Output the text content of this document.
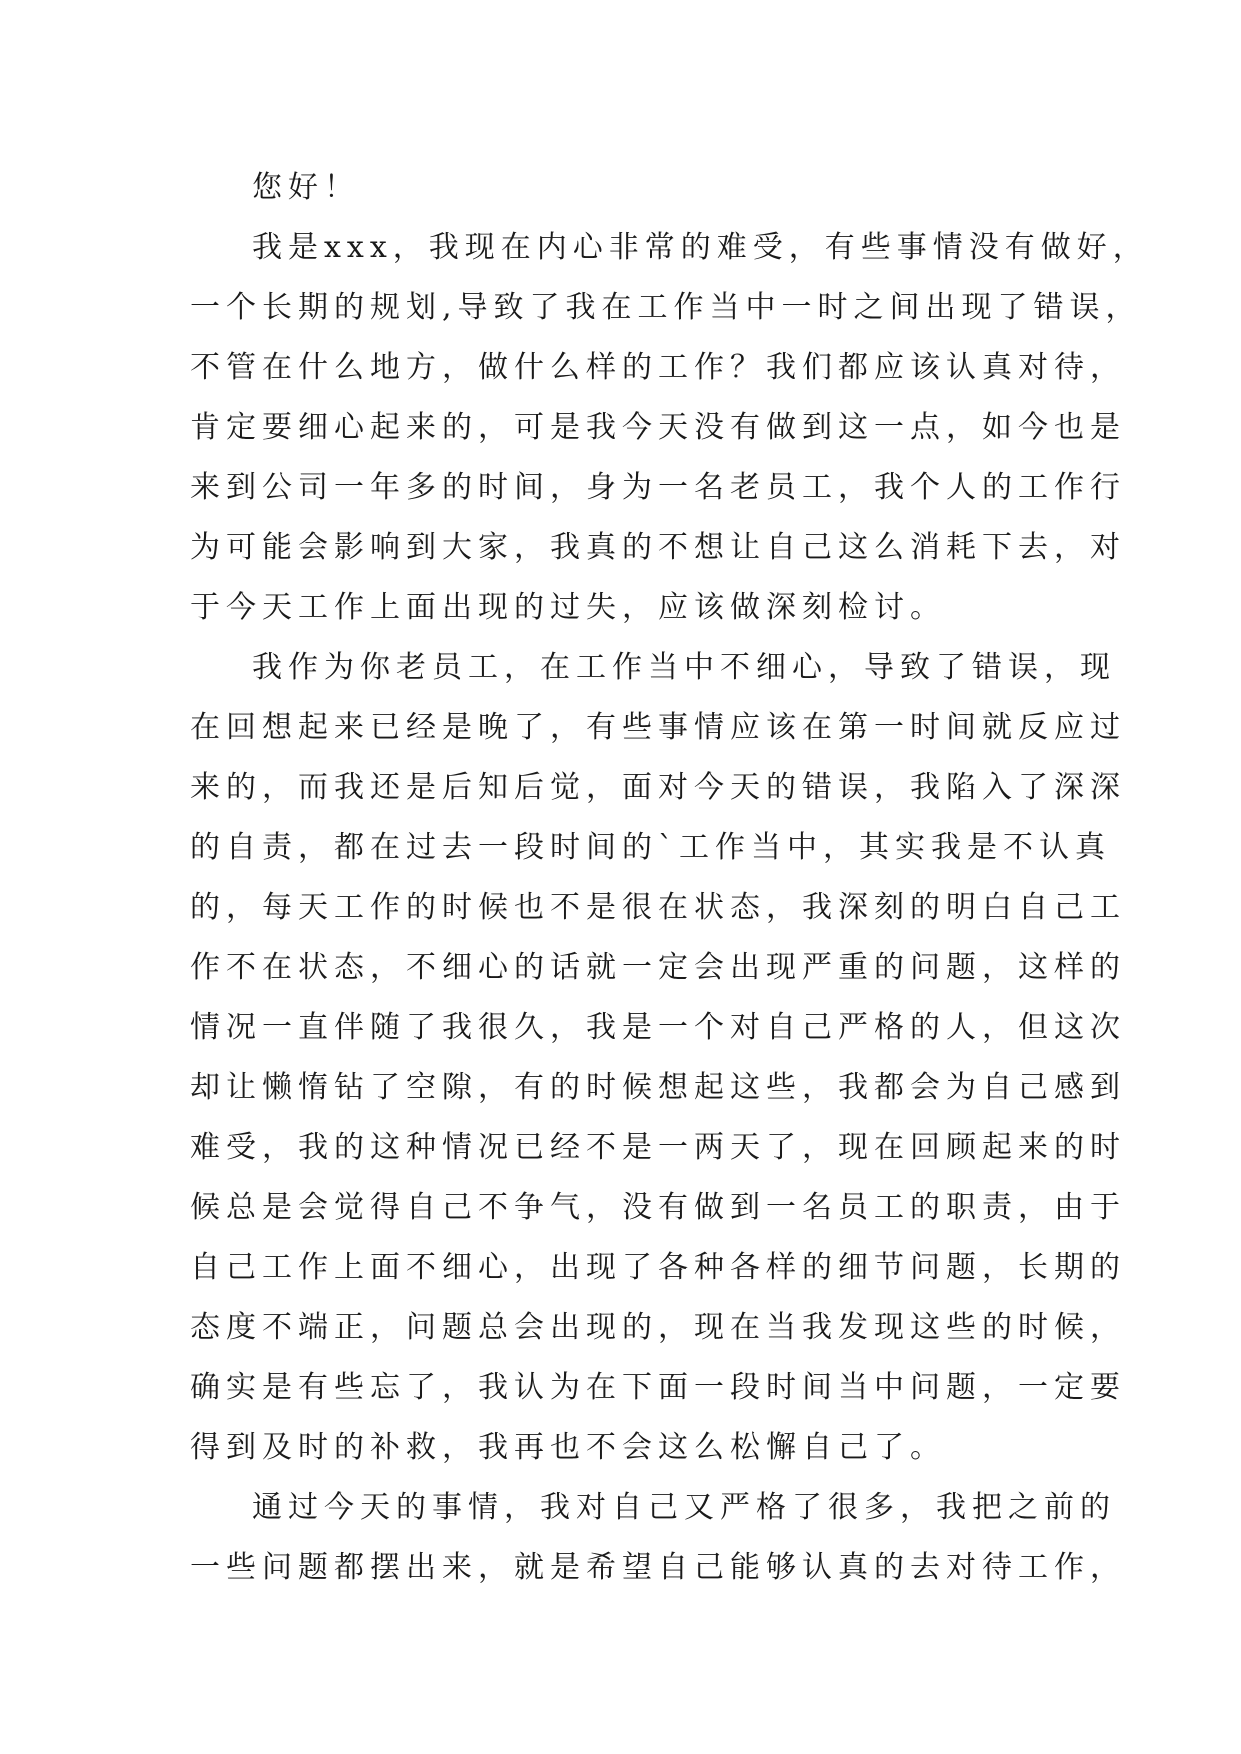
您好！
我是xxx，我现在内心非常的难受，有些事情没有做好，
一个长期的规划,导致了我在工作当中一时之间出现了错误，
不管在什么地方，做什么样的工作？我们都应该认真对待，
肯定要细心起来的，可是我今天没有做到这一点，如今也是
来到公司一年多的时间，身为一名老员工，我个人的工作行
为可能会影响到大家，我真的不想让自己这么消耗下去，对
于今天工作上面出现的过失，应该做深刻检讨。
我作为你老员工，在工作当中不细心，导致了错误，现
在回想起来已经是晚了，有些事情应该在第一时间就反应过
来的，而我还是后知后觉，面对今天的错误，我陷入了深深
的自责，都在过去一段时间的`工作当中，其实我是不认真
的，每天工作的时候也不是很在状态，我深刻的明白自己工
作不在状态，不细心的话就一定会出现严重的问题，这样的
情况一直伴随了我很久，我是一个对自己严格的人，但这次
却让懒惰钻了空隙，有的时候想起这些，我都会为自己感到
难受，我的这种情况已经不是一两天了，现在回顾起来的时
候总是会觉得自己不争气，没有做到一名员工的职责，由于
自己工作上面不细心，出现了各种各样的细节问题，长期的
态度不端正，问题总会出现的，现在当我发现这些的时候，
确实是有些忘了，我认为在下面一段时间当中问题，一定要
得到及时的补救，我再也不会这么松懈自己了。
通过今天的事情，我对自己又严格了很多，我把之前的
一些问题都摆出来，就是希望自己能够认真的去对待工作，
